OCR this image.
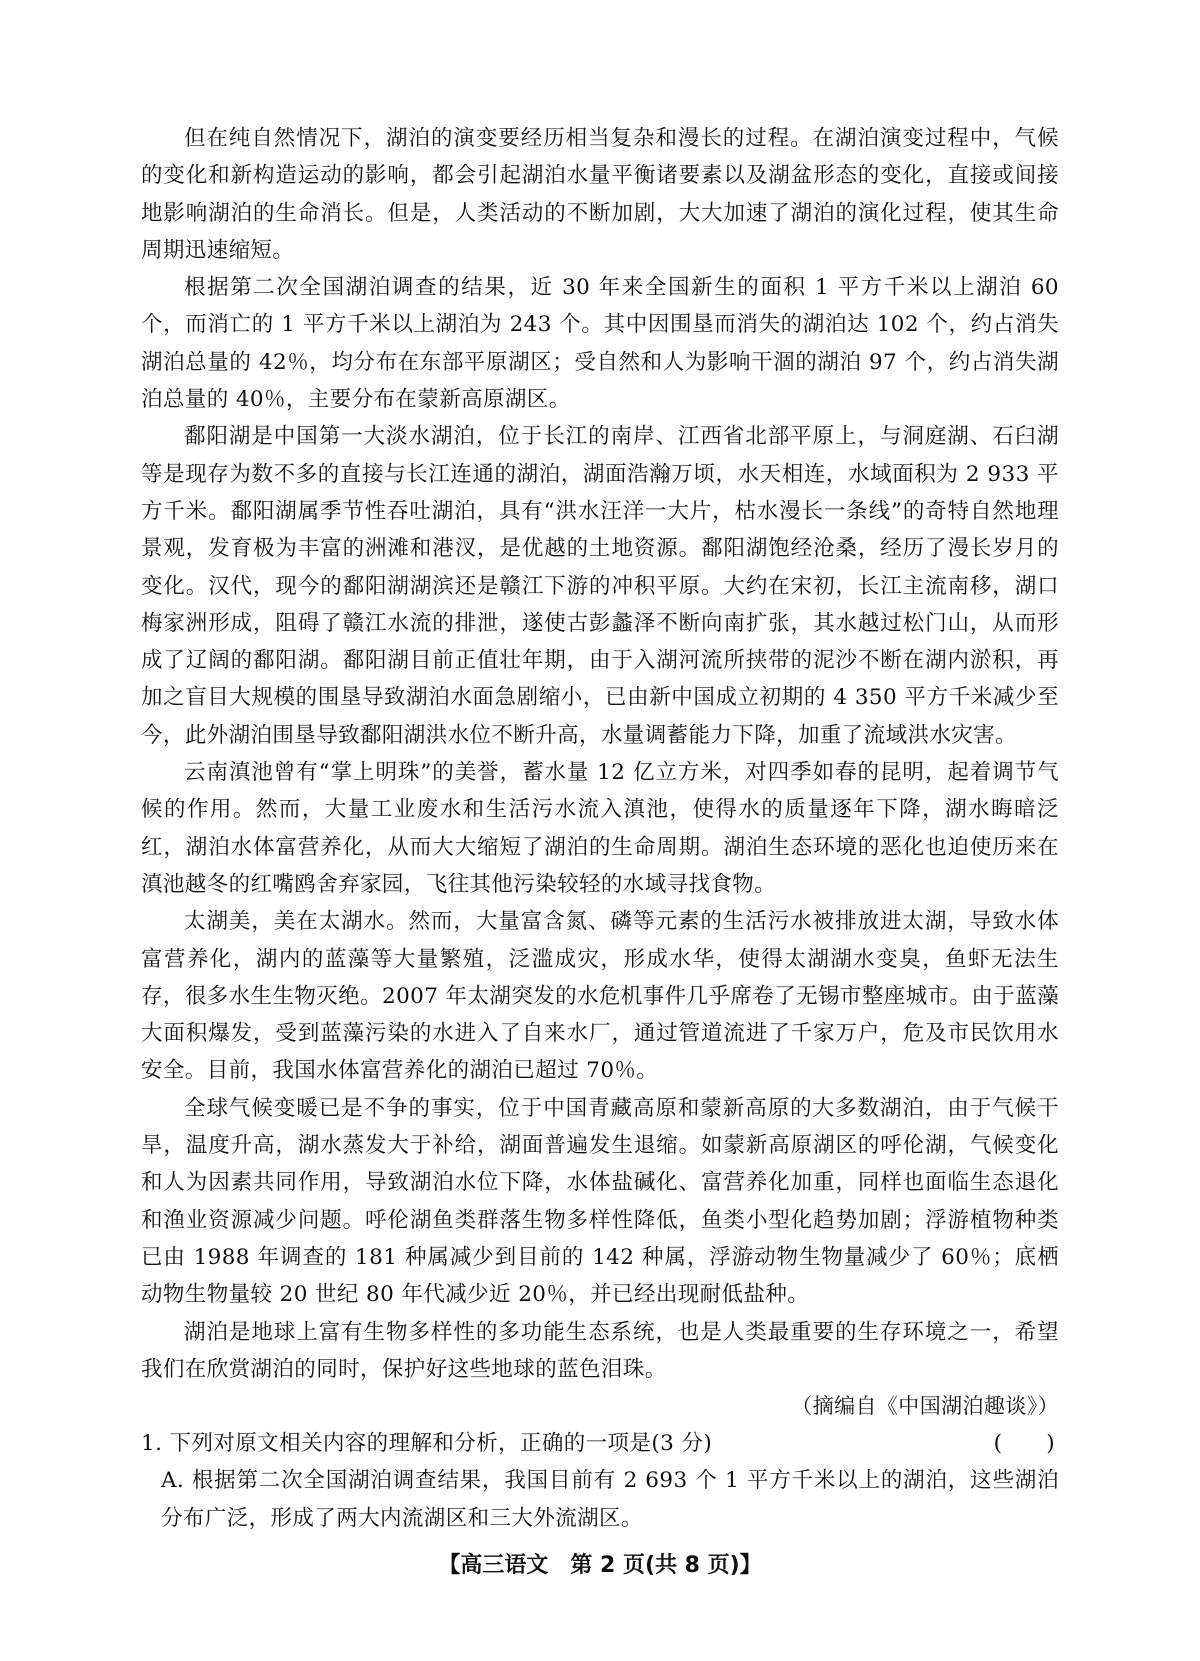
但在纯自然情况下，湖泊的演变要经历相当复杂和漫长的过程。在湖泊演变过程中，气候的变化和新构造运动的影响，都会引起湖泊水量平衡诸要素以及湖盆形态的变化，直接或间接地影响湖泊的生命消长。但是，人类活动的不断加剧，大大加速了湖泊的演化过程，使其生命周期迅速缩短。

根据第二次全国湖泊调查的结果，近 30 年来全国新生的面积 1 平方千米以上湖泊 60 个，而消亡的 1 平方千米以上湖泊为 243 个。其中因围垦而消失的湖泊达 102 个，约占消失湖泊总量的 42％，均分布在东部平原湖区；受自然和人为影响干涸的湖泊 97 个，约占消失湖泊总量的 40％，主要分布在蒙新高原湖区。

鄱阳湖是中国第一大淡水湖泊，位于长江的南岸、江西省北部平原上，与洞庭湖、石臼湖等是现存为数不多的直接与长江连通的湖泊，湖面浩瀚万顷，水天相连，水域面积为 2 933 平方千米。鄱阳湖属季节性吞吐湖泊，具有“洪水汪洋一大片，枯水漫长一条线”的奇特自然地理景观，发育极为丰富的洲滩和港汊，是优越的土地资源。鄱阳湖饱经沧桑，经历了漫长岁月的变化。汉代，现今的鄱阳湖湖滨还是赣江下游的冲积平原。大约在宋初，长江主流南移，湖口梅家洲形成，阻碍了赣江水流的排泄，遂使古彭蠡泽不断向南扩张，其水越过松门山，从而形成了辽阔的鄱阳湖。鄱阳湖目前正值壮年期，由于入湖河流所挟带的泥沙不断在湖内淤积，再加之盲目大规模的围垦导致湖泊水面急剧缩小，已由新中国成立初期的 4 350 平方千米减少至今，此外湖泊围垦导致鄱阳湖洪水位不断升高，水量调蓄能力下降，加重了流域洪水灾害。

云南滇池曾有“掌上明珠”的美誉，蓄水量 12 亿立方米，对四季如春的昆明，起着调节气候的作用。然而，大量工业废水和生活污水流入滇池，使得水的质量逐年下降，湖水晦暗泛红，湖泊水体富营养化，从而大大缩短了湖泊的生命周期。湖泊生态环境的恶化也迫使历来在滇池越冬的红嘴鸥舍弃家园，飞往其他污染较轻的水域寻找食物。

太湖美，美在太湖水。然而，大量富含氮、磷等元素的生活污水被排放进太湖，导致水体富营养化，湖内的蓝藻等大量繁殖，泛滥成灾，形成水华，使得太湖湖水变臭，鱼虾无法生存，很多水生生物灭绝。2007 年太湖突发的水危机事件几乎席卷了无锡市整座城市。由于蓝藻大面积爆发，受到蓝藻污染的水进入了自来水厂，通过管道流进了千家万户，危及市民饮用水安全。目前，我国水体富营养化的湖泊已超过 70％。

全球气候变暖已是不争的事实，位于中国青藏高原和蒙新高原的大多数湖泊，由于气候干旱，温度升高，湖水蒸发大于补给，湖面普遍发生退缩。如蒙新高原湖区的呼伦湖，气候变化和人为因素共同作用，导致湖泊水位下降，水体盐碱化、富营养化加重，同样也面临生态退化和渔业资源减少问题。呼伦湖鱼类群落生物多样性降低，鱼类小型化趋势加剧；浮游植物种类已由 1988 年调查的 181 种属减少到目前的 142 种属，浮游动物生物量减少了 60％；底栖动物生物量较 20 世纪 80 年代减少近 20％，并已经出现耐低盐种。

湖泊是地球上富有生物多样性的多功能生态系统，也是人类最重要的生存环境之一，希望我们在欣赏湖泊的同时，保护好这些地球的蓝色泪珠。

（摘编自《中国湖泊趣谈》）

1. 下列对原文相关内容的理解和分析，正确的一项是(3 分)	(　　)

A. 根据第二次全国湖泊调查结果，我国目前有 2 693 个 1 平方千米以上的湖泊，这些湖泊分布广泛，形成了两大内流湖区和三大外流湖区。

【高三语文　第 2 页(共 8 页)】
